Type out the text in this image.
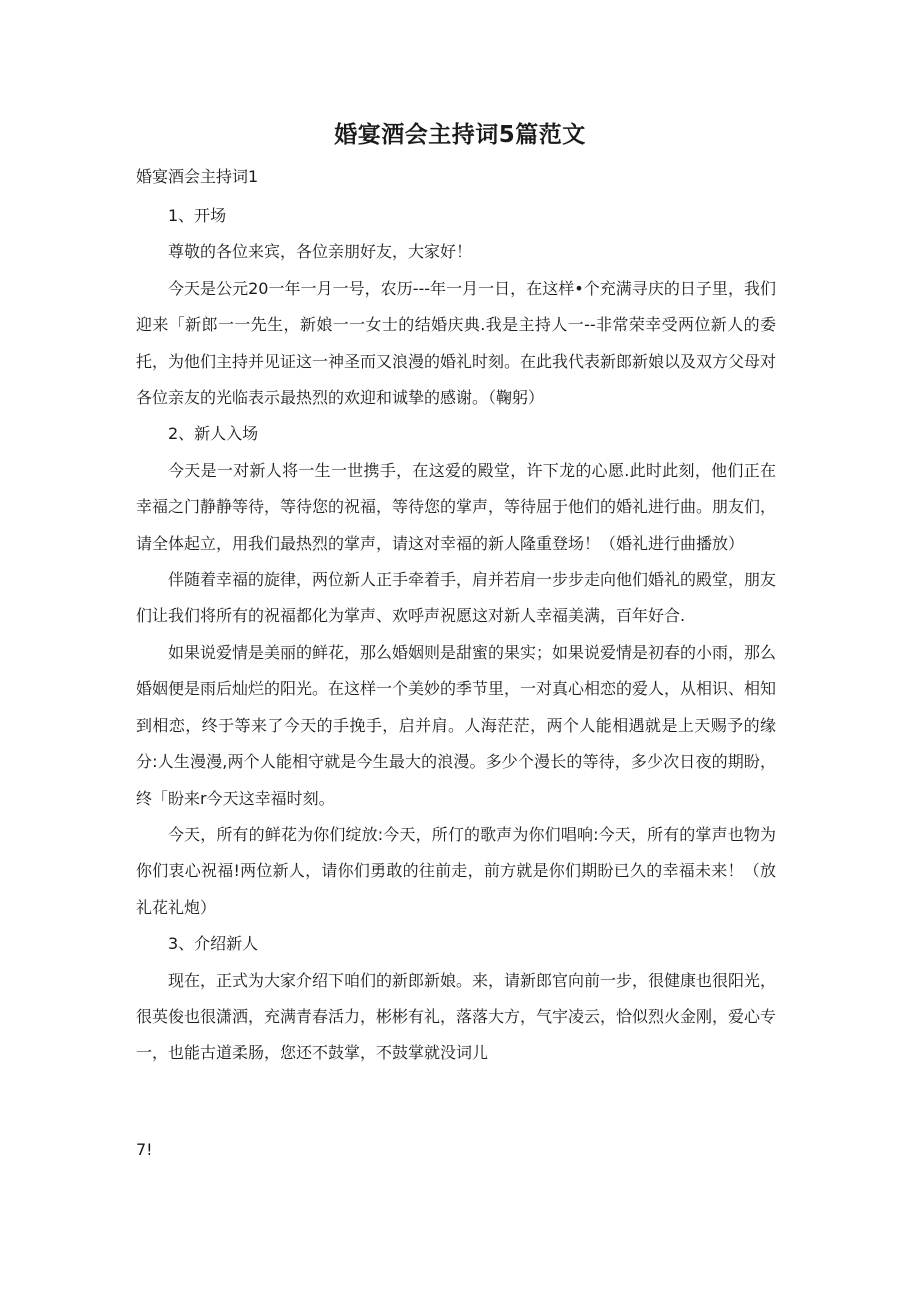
婚宴酒会主持词5篇范文
婚宴酒会主持词1

1、开场

尊敬的各位来宾，各位亲朋好友，大家好！

今天是公元20一年一月一号，农历---年一月一日，在这样•个充满寻庆的日子里，我们迎来「新郎一一先生，新娘一一女士的结婚庆典.我是主持人一--非常荣幸受两位新人的委托，为他们主持并见证这一神圣而又浪漫的婚礼时刻。在此我代表新郎新娘以及双方父母对各位亲友的光临表示最热烈的欢迎和诚挚的感谢。（鞠躬）

2、新人入场

今天是一对新人将一生一世携手，在这爱的殿堂，许下龙的心愿.此时此刻，他们正在幸福之门静静等待，等待您的祝福，等待您的掌声，等待屈于他们的婚礼进行曲。朋友们，请全体起立，用我们最热烈的掌声，请这对幸福的新人隆重登场！（婚礼进行曲播放）

伴随着幸福的旋律，两位新人正手牵着手，肩并若肩一步步走向他们婚礼的殿堂，朋友们让我们将所有的祝福都化为掌声、欢呼声祝愿这对新人幸福美满，百年好合.

如果说爱情是美丽的鲜花，那么婚姻则是甜蜜的果实；如果说爱情是初春的小雨，那么婚姻便是雨后灿烂的阳光。在这样一个美妙的季节里，一对真心相恋的爱人，从相识、相知到相恋，终于等来了今天的手挽手，启并肩。人海茫茫，两个人能相遇就是上天赐予的缘分:人生漫漫,两个人能相守就是今生最大的浪漫。多少个漫长的等待，多少次日夜的期盼，终「盼来r今天这幸福时刻。

今天，所有的鲜花为你们绽放:今天，所仃的歌声为你们唱响:今天，所有的掌声也物为你们衷心祝福!两位新人，请你们勇敢的往前走，前方就是你们期盼已久的幸福未来！（放礼花礼炮）

3、介绍新人

现在，正式为大家介绍下咱们的新郎新娘。来，请新郎官向前一步，很健康也很阳光，很英俊也很潇洒，充满青春活力，彬彬有礼，落落大方，气宇凌云，恰似烈火金刚，爱心专一，也能古道柔肠，您还不鼓掌，不鼓掌就没词儿

7!
